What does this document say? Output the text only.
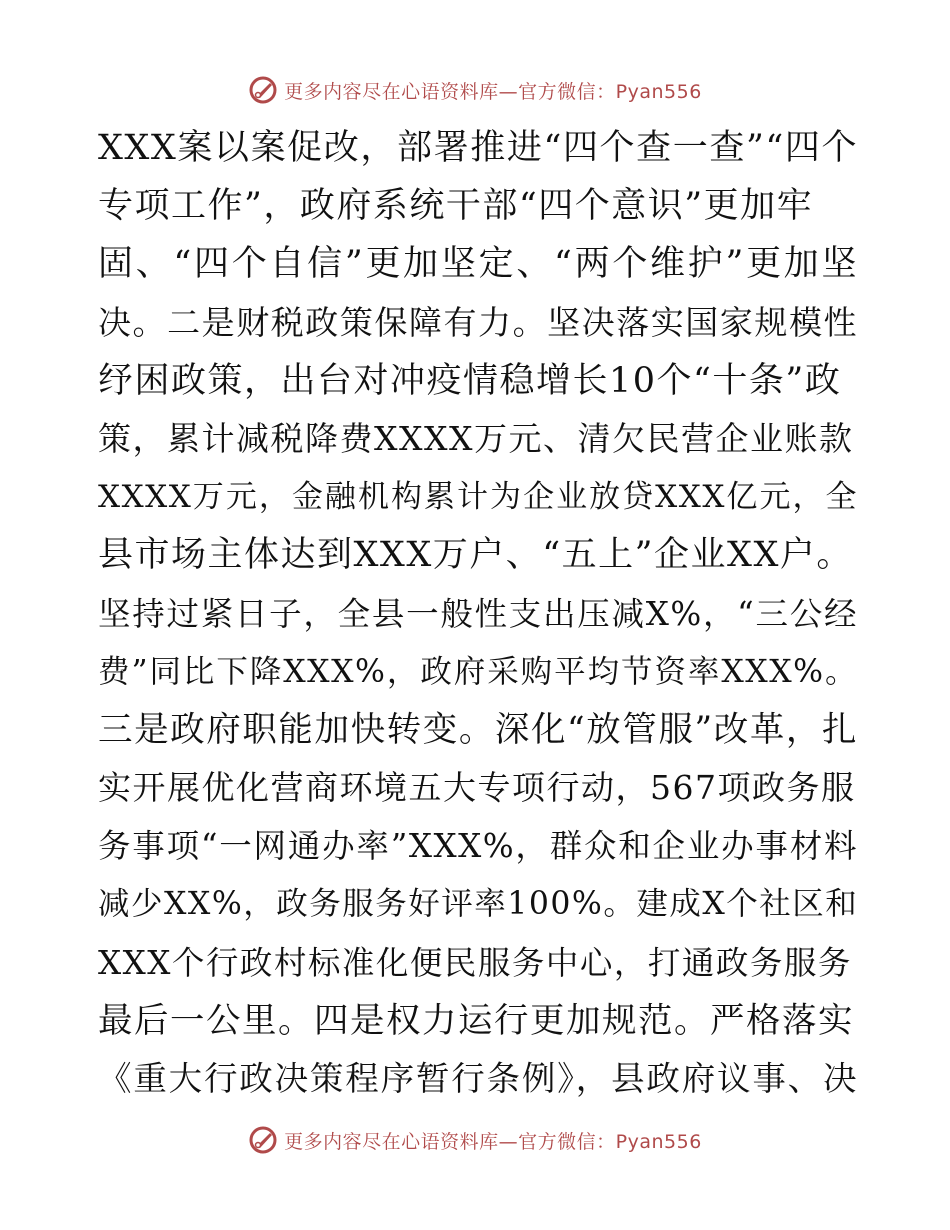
更多内容尽在心语资料库—官方微信：Pyan556
XXX案以案促改，部署推进“四个查一查”“四个
专项工作”，政府系统干部“四个意识”更加牢
固、“四个自信”更加坚定、“两个维护”更加坚
决。二是财税政策保障有力。坚决落实国家规模性
纾困政策，出台对冲疫情稳增长10个“十条”政
策，累计减税降费XXXX万元、清欠民营企业账款
XXXX万元，金融机构累计为企业放贷XXX亿元，全
县市场主体达到XXX万户、“五上”企业XX户。
坚持过紧日子，全县一般性支出压减X%，“三公经
费”同比下降XXX%，政府采购平均节资率XXX%。
三是政府职能加快转变。深化“放管服”改革，扎
实开展优化营商环境五大专项行动，567项政务服
务事项“一网通办率”XXX%，群众和企业办事材料
减少XX%，政务服务好评率100%。建成X个社区和
XXX个行政村标准化便民服务中心，打通政务服务
最后一公里。四是权力运行更加规范。严格落实
《重大行政决策程序暂行条例》，县政府议事、决
更多内容尽在心语资料库—官方微信：Pyan556
